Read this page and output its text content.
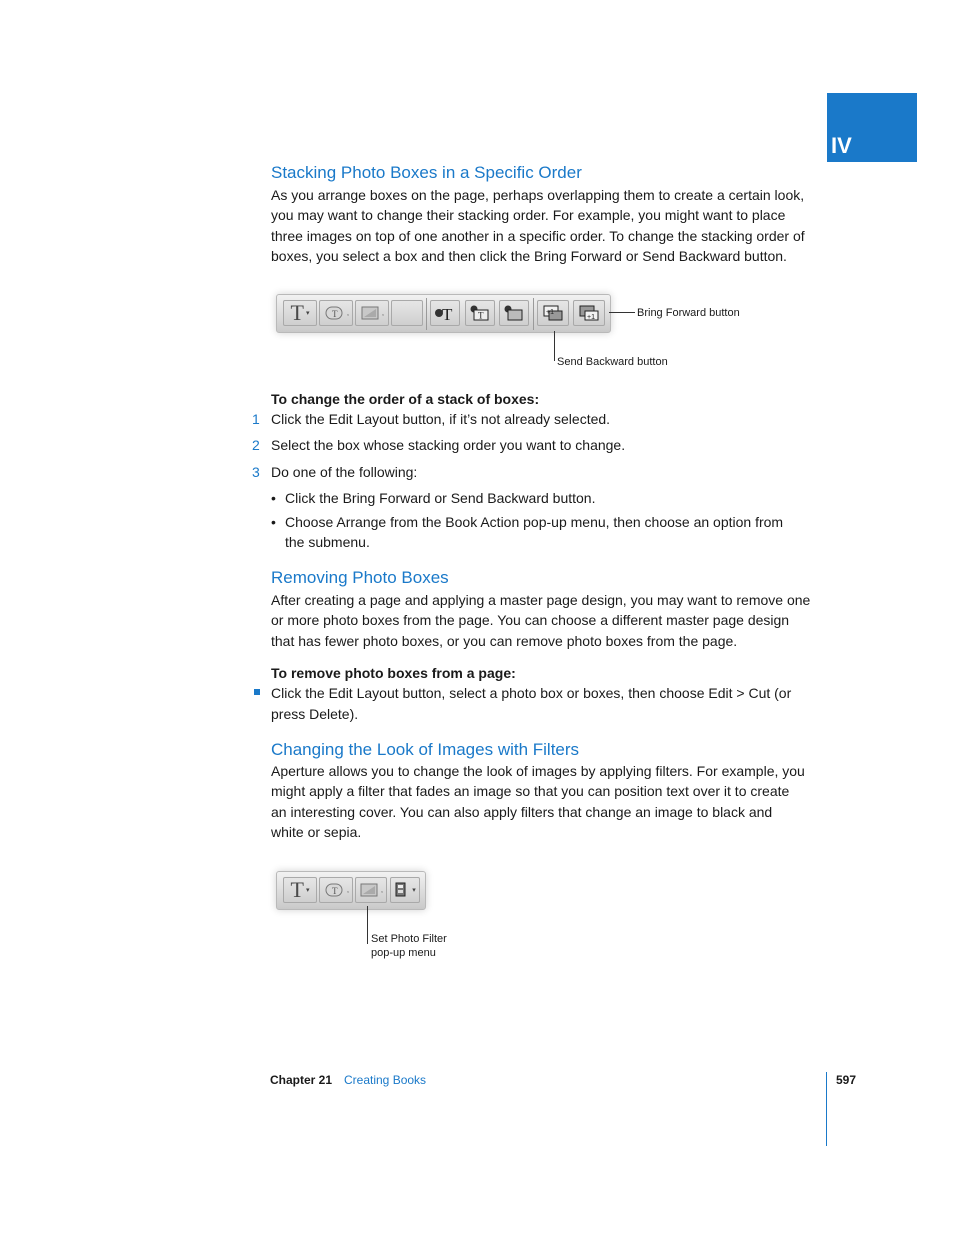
IV
Stacking Photo Boxes in a Specific Order
As you arrange boxes on the page, perhaps overlapping them to create a certain look,
you may want to change their stacking order. For example, you might want to place
three images on top of one another in a specific order. To change the stacking order of
boxes, you select a box and then click the Bring Forward or Send Backward button.
T ▾	T ,	,	T	T	+1
+1	Bring Forward button
Send Backward button
To change the order of a stack of boxes:
1 Click the Edit Layout button, if it’s not already selected.
2 Select the box whose stacking order you want to change.
3 Do one of the following:
• Click the Bring Forward or Send Backward button.
• Choose Arrange from the Book Action pop-up menu, then choose an option from
the submenu.
Removing Photo Boxes
After creating a page and applying a master page design, you may want to remove one
or more photo boxes from the page. You can choose a different master page design
that has fewer photo boxes, or you can remove photo boxes from the page.
To remove photo boxes from a page:
Click the Edit Layout button, select a photo box or boxes, then choose Edit > Cut (or
press Delete).
Changing the Look of Images with Filters
Aperture allows you to change the look of images by applying filters. For example, you
might apply a filter that fades an image so that you can position text over it to create
an interesting cover. You can also apply filters that change an image to black and
white or sepia.
T ▾	T ,	,	▾
Set Photo Filter
pop-up menu
Chapter 21 Creating Books	597
